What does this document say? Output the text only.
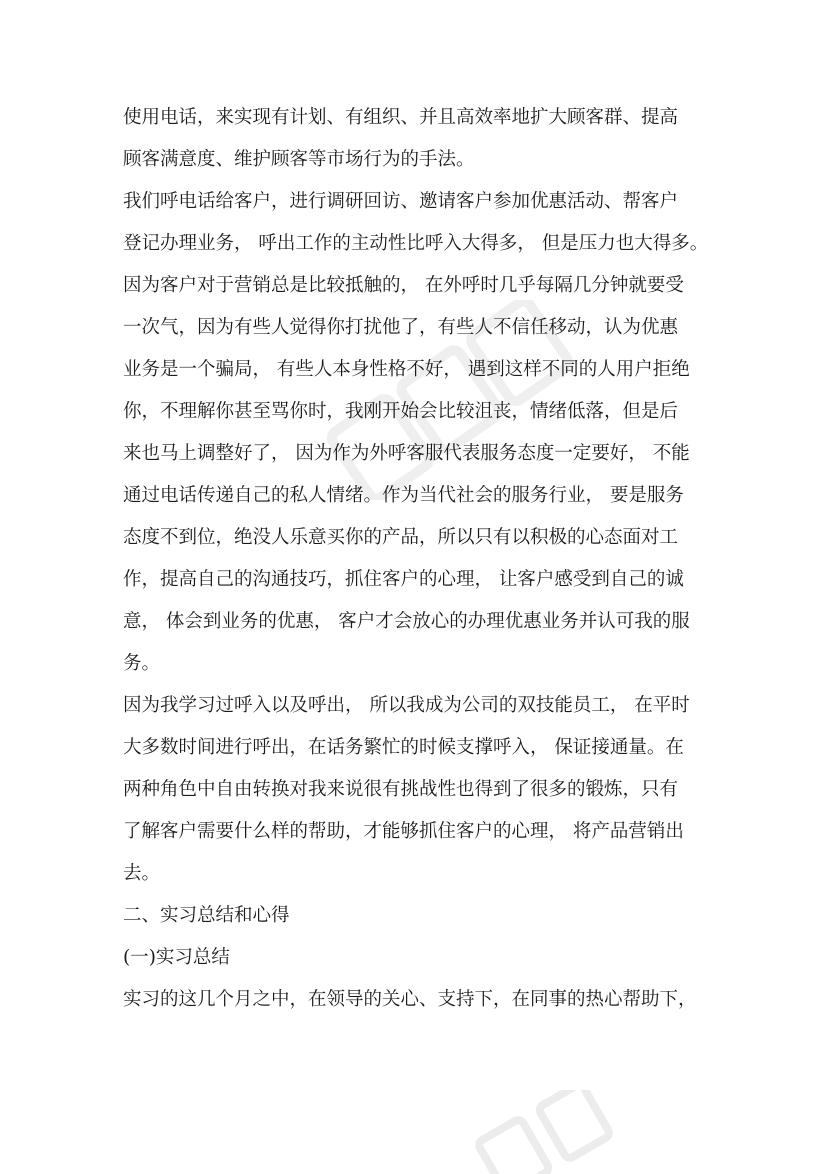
使用电话，来实现有计划、有组织、并且高效率地扩大顾客群、提高
顾客满意度、维护顾客等市场行为的手法。
我们呼电话给客户，进行调研回访、邀请客户参加优惠活动、帮客户
登记办理业务， 呼出工作的主动性比呼入大得多， 但是压力也大得多。
因为客户对于营销总是比较抵触的， 在外呼时几乎每隔几分钟就要受
一次气，因为有些人觉得你打扰他了，有些人不信任移动，认为优惠
业务是一个骗局， 有些人本身性格不好， 遇到这样不同的人用户拒绝
你，不理解你甚至骂你时，我刚开始会比较沮丧，情绪低落，但是后
来也马上调整好了， 因为作为外呼客服代表服务态度一定要好， 不能
通过电话传递自己的私人情绪。作为当代社会的服务行业， 要是服务
态度不到位，绝没人乐意买你的产品，所以只有以积极的心态面对工
作，提高自己的沟通技巧，抓住客户的心理， 让客户感受到自己的诚
意， 体会到业务的优惠， 客户才会放心的办理优惠业务并认可我的服
务。
因为我学习过呼入以及呼出， 所以我成为公司的双技能员工， 在平时
大多数时间进行呼出，在话务繁忙的时候支撑呼入， 保证接通量。在
两种角色中自由转换对我来说很有挑战性也得到了很多的锻炼，只有
了解客户需要什么样的帮助，才能够抓住客户的心理， 将产品营销出
去。
二、实习总结和心得
(一)实习总结
实习的这几个月之中，在领导的关心、支持下，在同事的热心帮助下，
